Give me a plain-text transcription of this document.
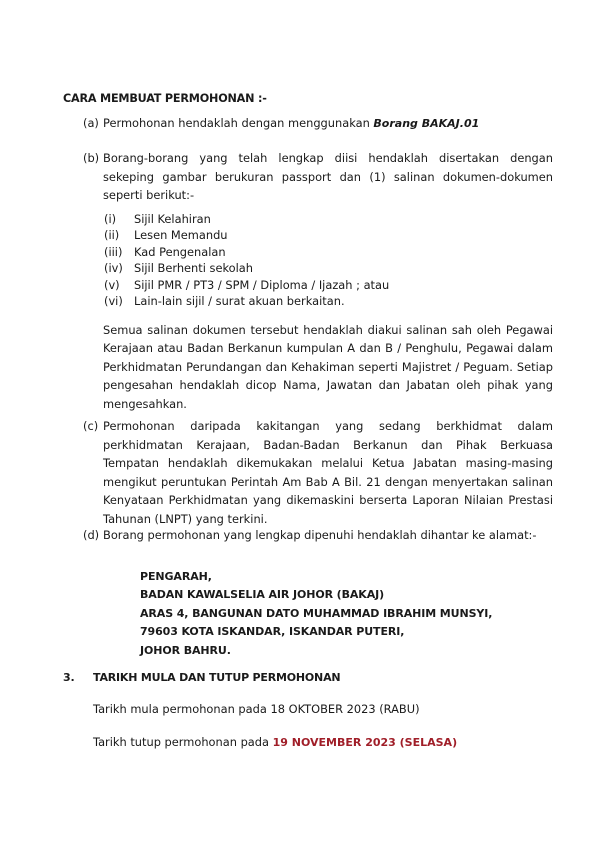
CARA MEMBUAT PERMOHONAN :-
(a) Permohonan hendaklah dengan menggunakan Borang BAKAJ.01
(b) Borang-borang yang telah lengkap diisi hendaklah disertakan dengan sekeping gambar berukuran passport dan (1) salinan dokumen-dokumen seperti berikut:-
(i) Sijil Kelahiran
(ii) Lesen Memandu
(iii) Kad Pengenalan
(iv) Sijil Berhenti sekolah
(v) Sijil PMR / PT3 / SPM / Diploma / Ijazah ; atau
(vi) Lain-lain sijil / surat akuan berkaitan.
Semua salinan dokumen tersebut hendaklah diakui salinan sah oleh Pegawai Kerajaan atau Badan Berkanun kumpulan A dan B / Penghulu, Pegawai dalam Perkhidmatan Perundangan dan Kehakiman seperti Majistret / Peguam. Setiap pengesahan hendaklah dicop Nama, Jawatan dan Jabatan oleh pihak yang mengesahkan.
(c) Permohonan daripada kakitangan yang sedang berkhidmat dalam perkhidmatan Kerajaan, Badan-Badan Berkanun dan Pihak Berkuasa Tempatan hendaklah dikemukakan melalui Ketua Jabatan masing-masing mengikut peruntukan Perintah Am Bab A Bil. 21 dengan menyertakan salinan Kenyataan Perkhidmatan yang dikemaskini berserta Laporan Nilaian Prestasi Tahunan (LNPT) yang terkini.
(d) Borang permohonan yang lengkap dipenuhi hendaklah dihantar ke alamat:-
PENGARAH,
BADAN KAWALSELIA AIR JOHOR (BAKAJ)
ARAS 4, BANGUNAN DATO MUHAMMAD IBRAHIM MUNSYI,
79603 KOTA ISKANDAR, ISKANDAR PUTERI,
JOHOR BAHRU.
3. TARIKH MULA DAN TUTUP PERMOHONAN
Tarikh mula permohonan pada 18 OKTOBER 2023 (RABU)
Tarikh tutup permohonan pada 19 NOVEMBER 2023 (SELASA)
